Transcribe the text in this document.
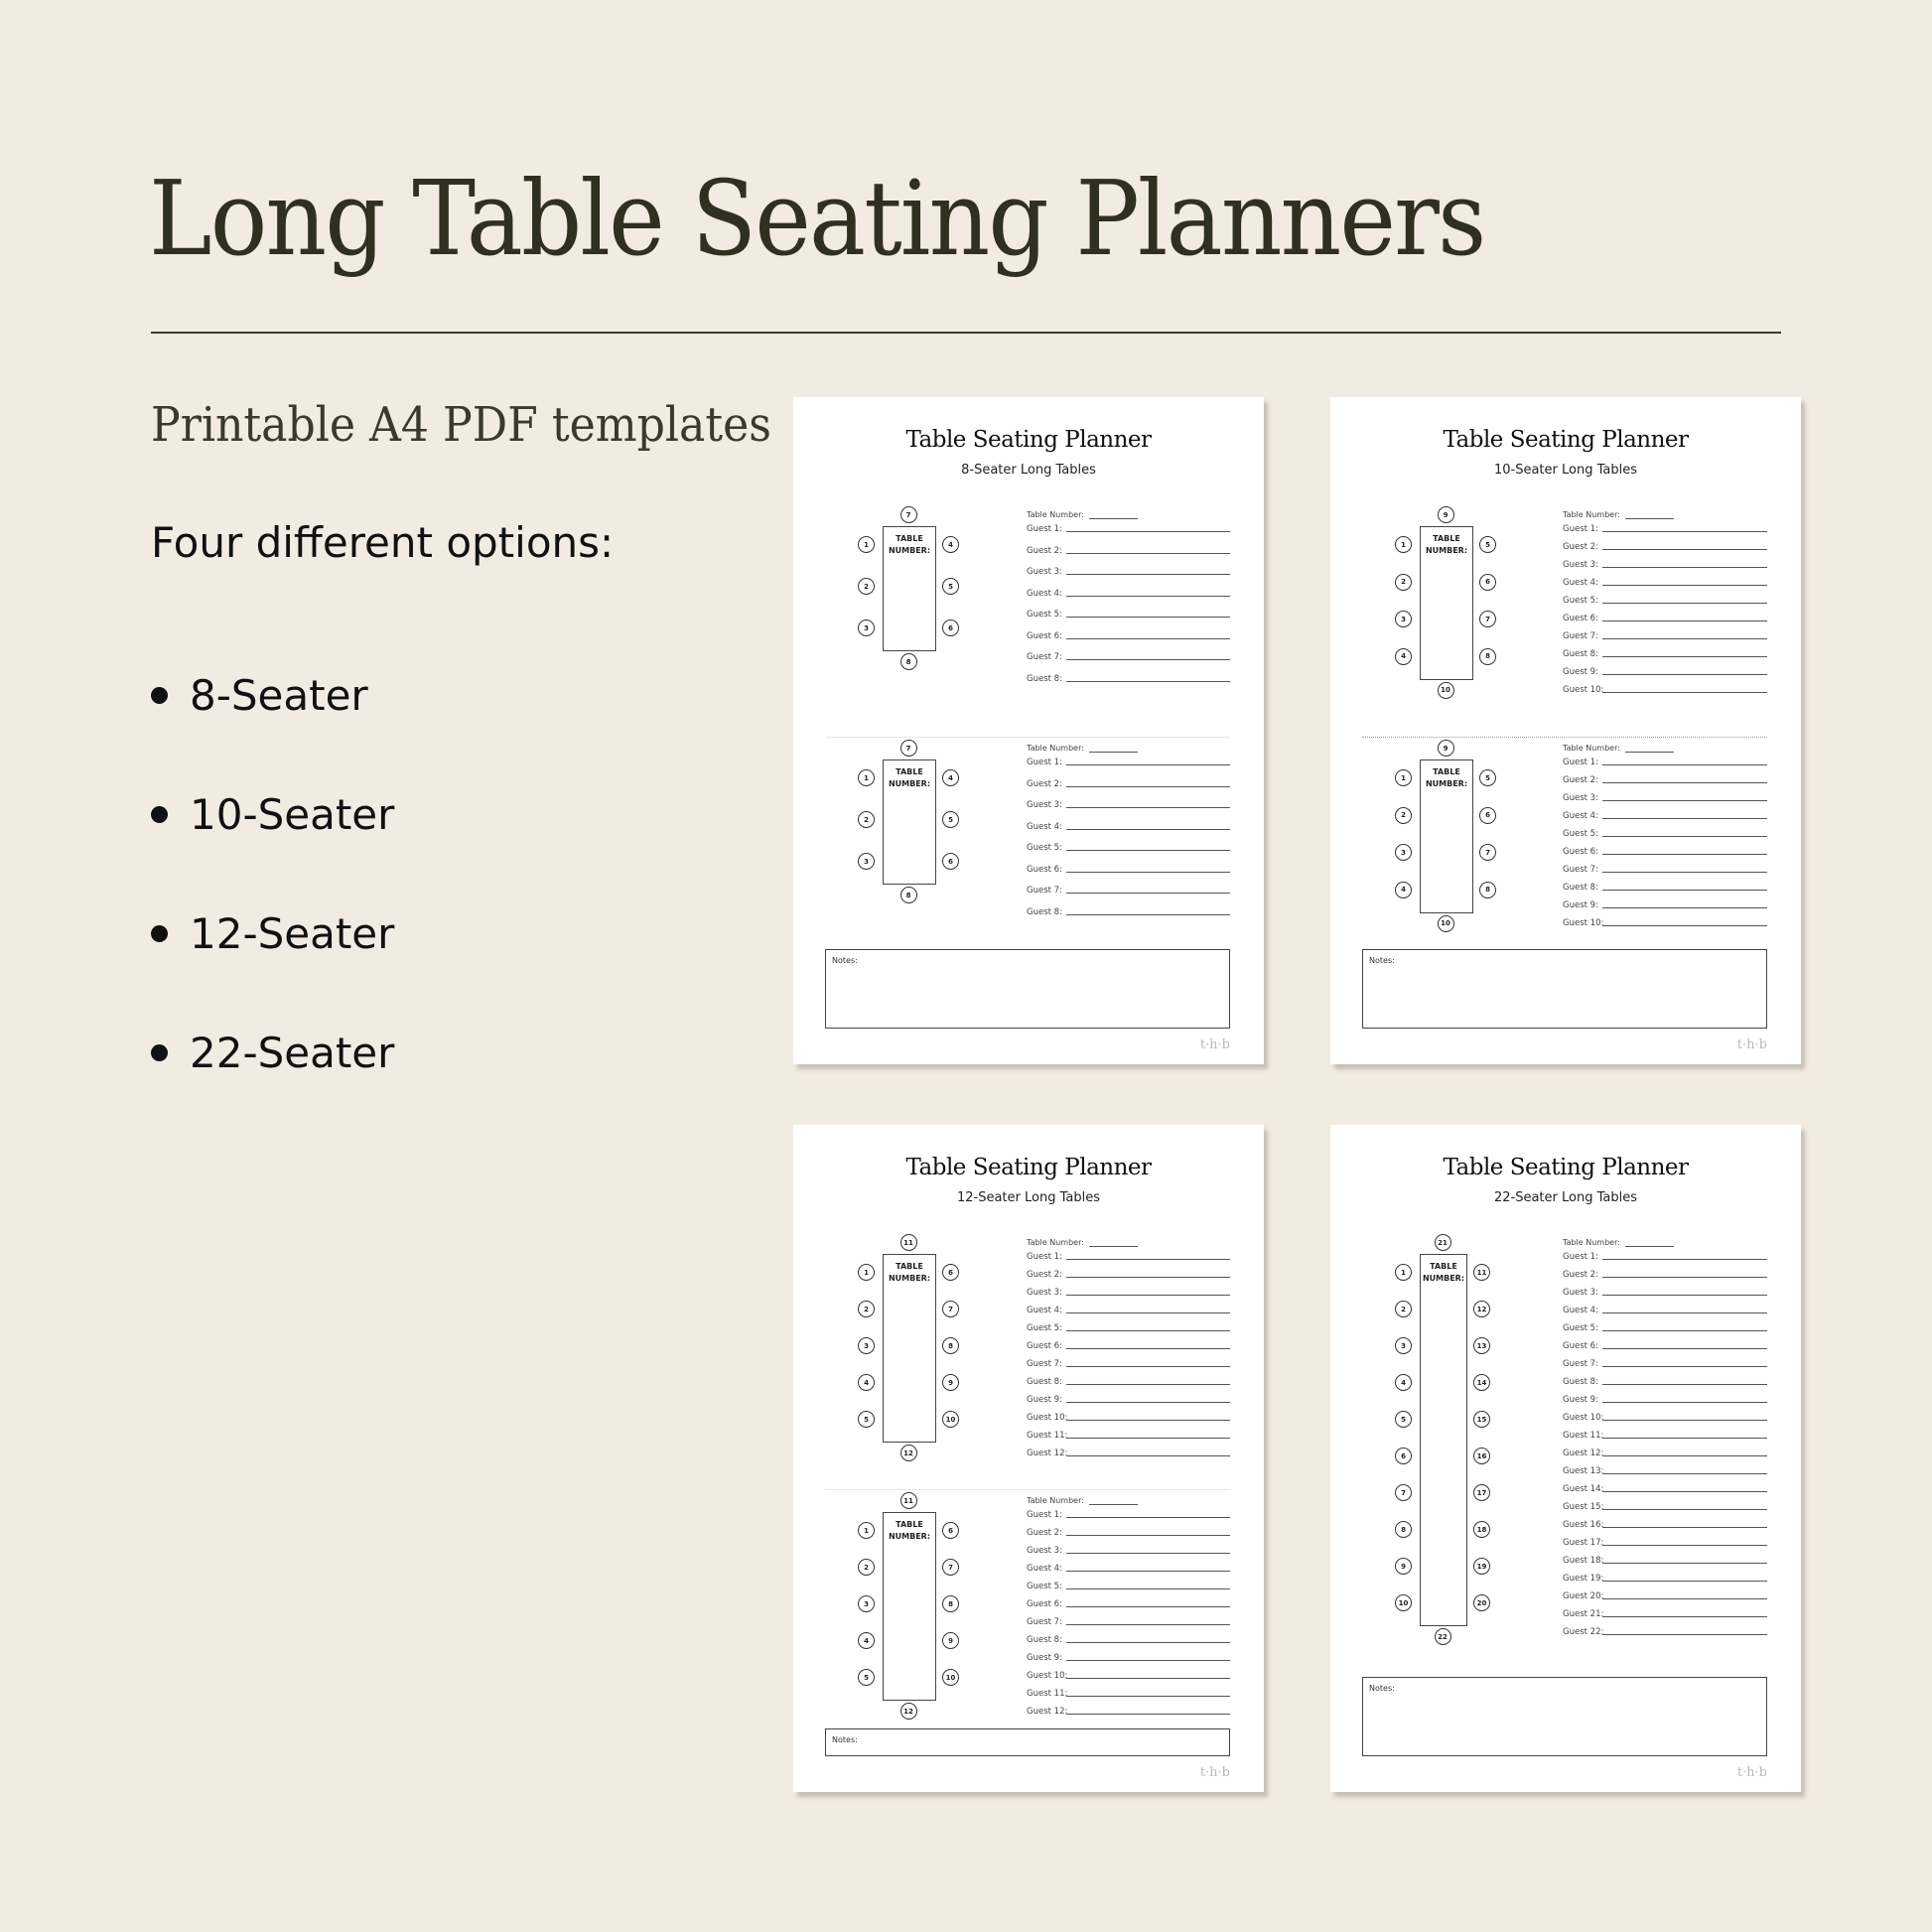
Long Table Seating Planners
Printable A4 PDF templates
Four different options:
8-Seater
10-Seater
12-Seater
22-Seater
Table Seating Planner
8-Seater Long Tables
TABLE
NUMBER:
7
8
1	4
2	5
3	6
Table Number:
Guest 1:
Guest 2:
Guest 3:
Guest 4:
Guest 5:
Guest 6:
Guest 7:
Guest 8:
TABLE
NUMBER:
7
8
1	4
2	5
3	6
Table Number:
Guest 1:
Guest 2:
Guest 3:
Guest 4:
Guest 5:
Guest 6:
Guest 7:
Guest 8:
Notes:
t·h·b
Table Seating Planner
10-Seater Long Tables
TABLE
NUMBER:
9
10
1	5
2	6
3	7
4	8
Table Number:
Guest 1:
Guest 2:
Guest 3:
Guest 4:
Guest 5:
Guest 6:
Guest 7:
Guest 8:
Guest 9:
Guest 10:
TABLE
NUMBER:
9
10
1	5
2	6
3	7
4	8
Table Number:
Guest 1:
Guest 2:
Guest 3:
Guest 4:
Guest 5:
Guest 6:
Guest 7:
Guest 8:
Guest 9:
Guest 10:
Notes:
t·h·b
Table Seating Planner
12-Seater Long Tables
TABLE
NUMBER:
11
12
1	6
2	7
3	8
4	9
5	10
Table Number:
Guest 1:
Guest 2:
Guest 3:
Guest 4:
Guest 5:
Guest 6:
Guest 7:
Guest 8:
Guest 9:
Guest 10:
Guest 11:
Guest 12:
TABLE
NUMBER:
11
12
1	6
2	7
3	8
4	9
5	10
Table Number:
Guest 1:
Guest 2:
Guest 3:
Guest 4:
Guest 5:
Guest 6:
Guest 7:
Guest 8:
Guest 9:
Guest 10:
Guest 11:
Guest 12:
Notes:
t·h·b
Table Seating Planner
22-Seater Long Tables
TABLE
NUMBER:
21
22
1	11
2	12
3	13
4	14
5	15
6	16
7	17
8	18
9	19
10	20
Table Number:
Guest 1:
Guest 2:
Guest 3:
Guest 4:
Guest 5:
Guest 6:
Guest 7:
Guest 8:
Guest 9:
Guest 10:
Guest 11:
Guest 12:
Guest 13:
Guest 14:
Guest 15:
Guest 16:
Guest 17:
Guest 18:
Guest 19:
Guest 20:
Guest 21:
Guest 22:
Notes:
t·h·b
